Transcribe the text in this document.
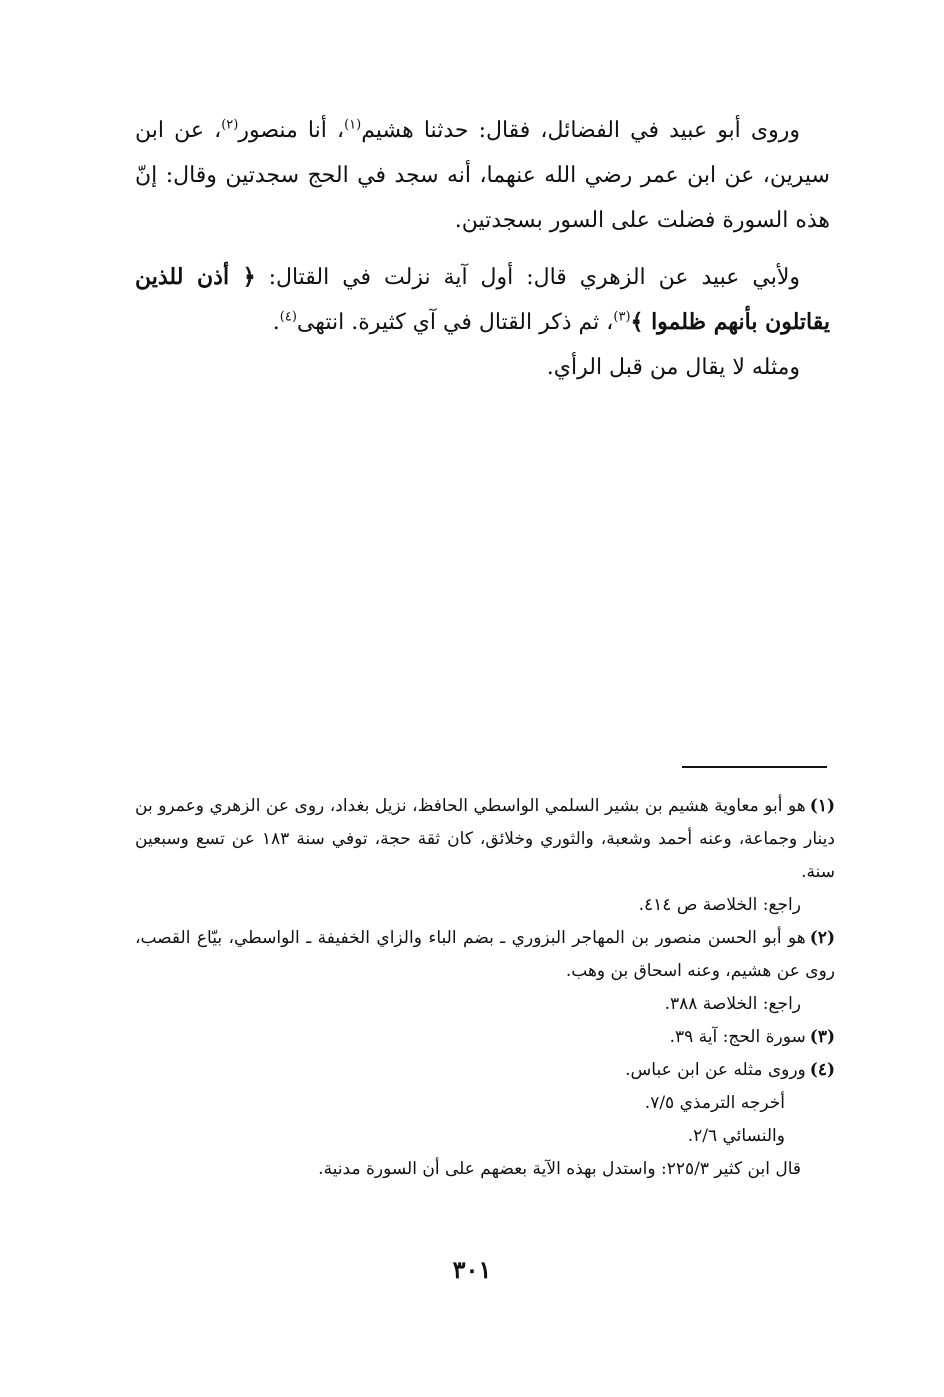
وروى أبو عبيد في الفضائل، فقال: حدثنا هشيم$^{(١)}$، أنا منصور$^{(٢)}$، عن ابن سيرين، عن ابن عمر رضي الله عنهما، أنه سجد في الحج سجدتين وقال: إنّ هذه السورة فضلت على السور بسجدتين.

ولأبي عبيد عن الزهري قال: أول آية نزلت في القتال: ﴿ أذن للذين يقاتلون بأنهم ظلموا ﴾$^{(٣)}$، ثم ذكر القتال في آي كثيرة. انتهى$^{(٤)}$.

ومثله لا يقال من قبل الرأي.

(١)هو أبو معاوية هشيم بن بشير السلمي الواسطي الحافظ، نزيل بغداد، روى عن الزهري وعمرو بن دينار وجماعة، وعنه أحمد وشعبة، والثوري وخلائق، كان ثقة حجة، توفي سنة ١٨٣ عن تسع وسبعين سنة.

راجع: الخلاصة ص ٤١٤.

(٢)هو أبو الحسن منصور بن المهاجر البزوري ـ بضم الباء والزاي الخفيفة ـ الواسطي، بيّاع القصب، روى عن هشيم، وعنه اسحاق بن وهب.

راجع: الخلاصة ٣٨٨.

(٣)سورة الحج: آية ٣٩.

(٤)وروى مثله عن ابن عباس.

أخرجه الترمذي ٧/٥.

والنسائي ٢/٦.

قال ابن كثير ٢٢٥/٣: واستدل بهذه الآية بعضهم على أن السورة مدنية.

٣٠١
